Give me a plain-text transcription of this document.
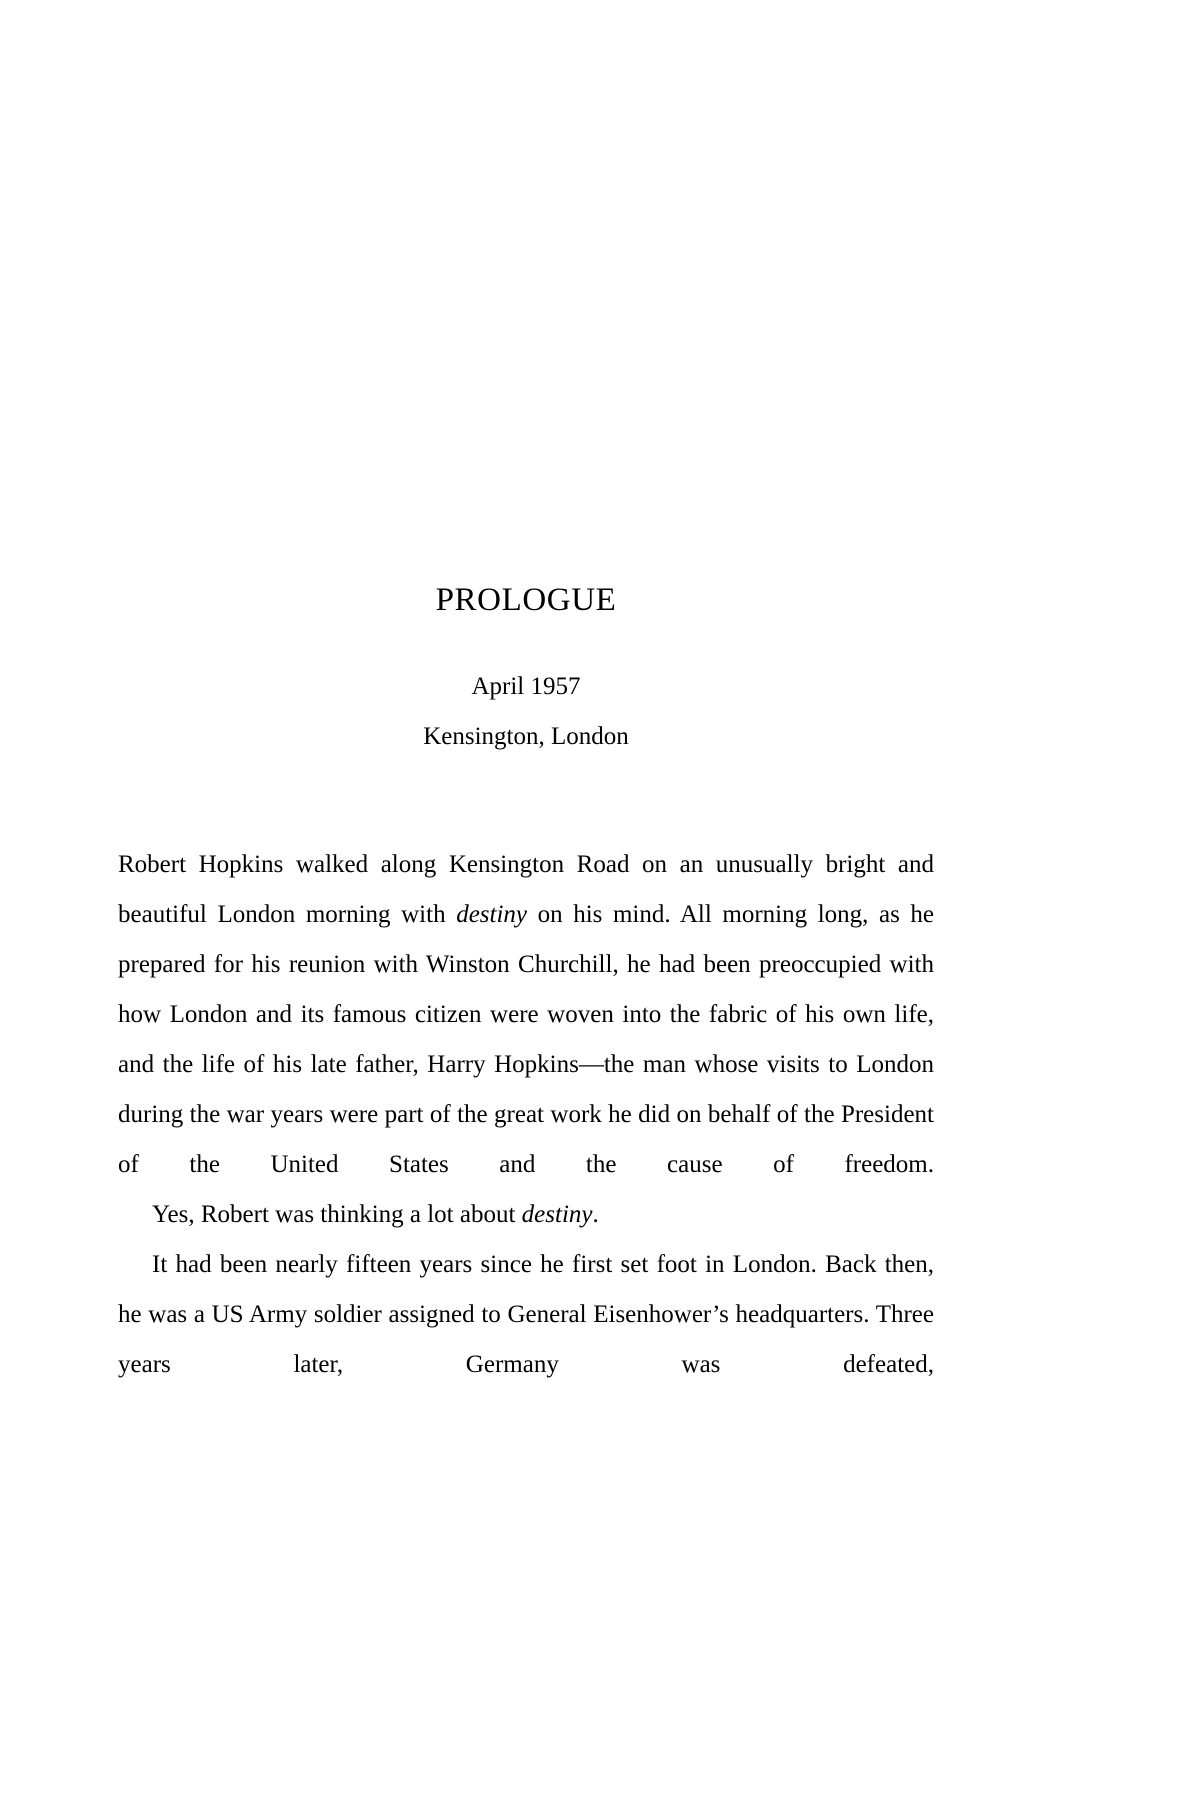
PROLOGUE
April 1957
Kensington, London

Robert Hopkins walked along Kensington Road on an unusually bright and beautiful London morning with destiny on his mind. All morning long, as he prepared for his reunion with Winston Churchill, he had been preoccupied with how London and its famous citizen were woven into the fabric of his own life, and the life of his late father, Harry Hopkins—the man whose visits to London during the war years were part of the great work he did on behalf of the President of the United States and the cause of freedom.

Yes, Robert was thinking a lot about destiny.

It had been nearly fifteen years since he first set foot in London. Back then, he was a US Army soldier assigned to General Eisenhower’s headquarters. Three years later, Germany was defeated,
